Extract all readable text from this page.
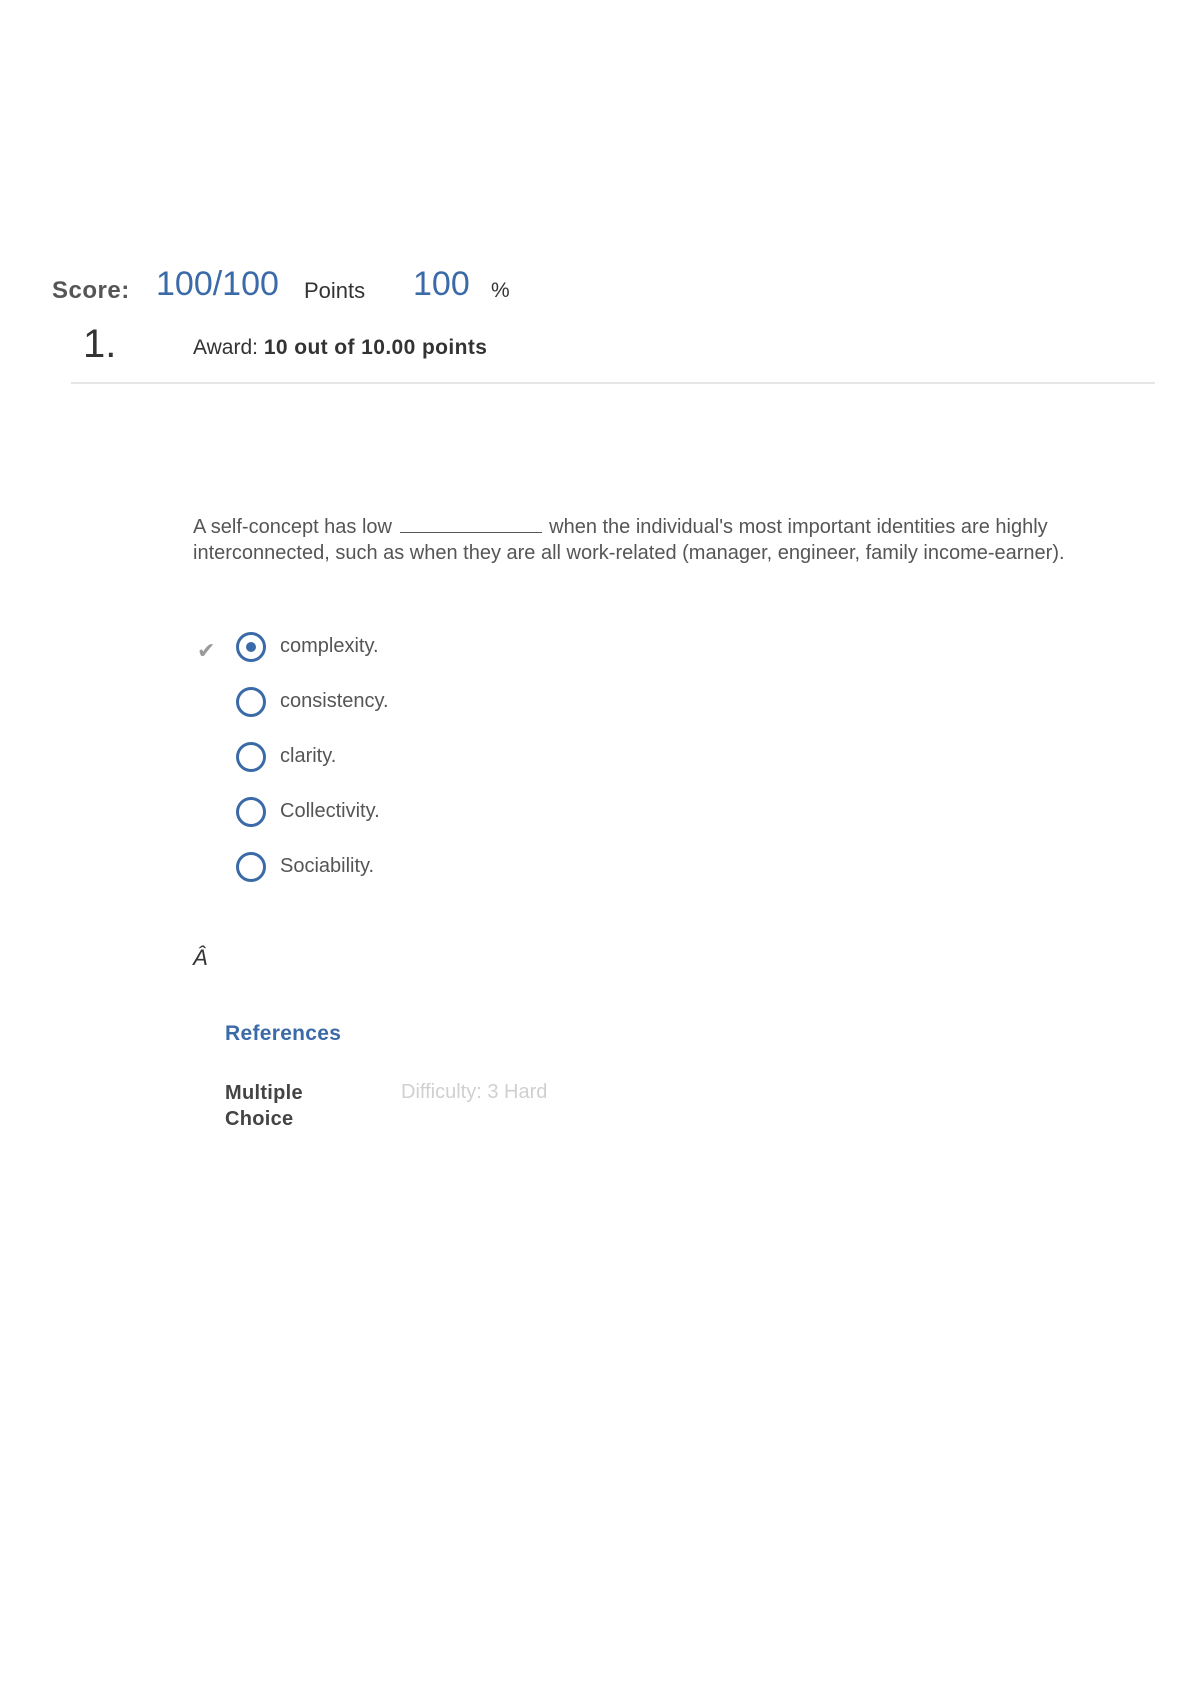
Score: 100/100 Points 100 %
1.	Award: 10 out of 10.00 points
A self-concept has low	when the individual's most important identities are highly interconnected, such as when they are all work-related (manager, engineer, family income-earner).
✔	complexity.
consistency.
clarity.
Collectivity.
Sociability.
Â
References
Multiple Choice
Difficulty: 3 Hard
